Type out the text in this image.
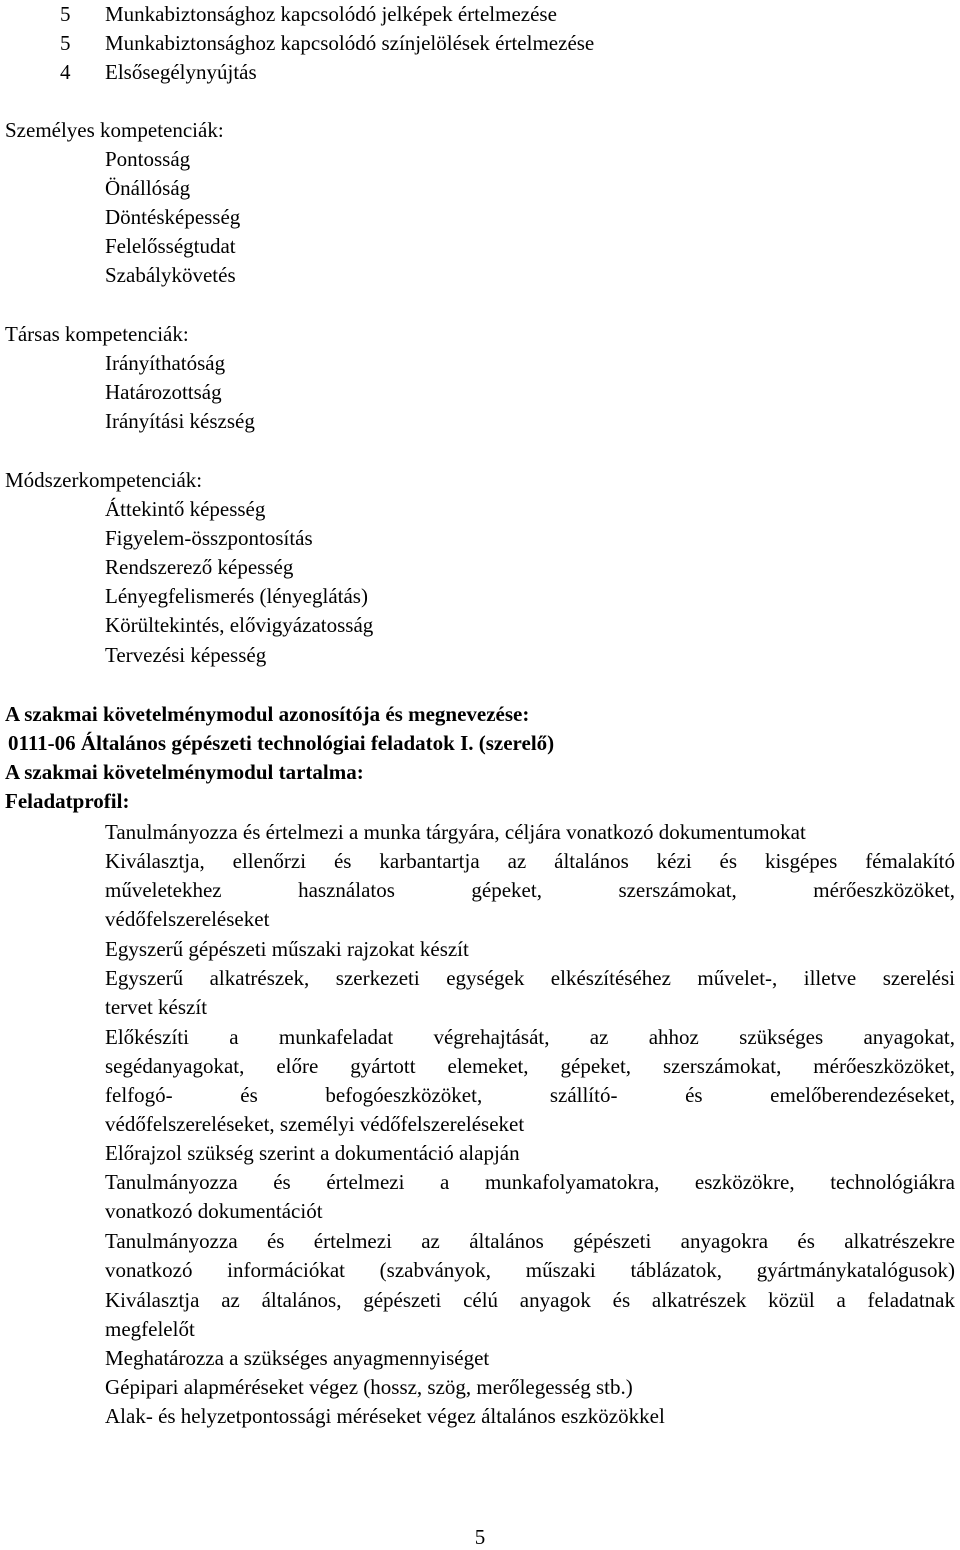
5	Munkabiztonsághoz kapcsolódó jelképek értelmezése
5	Munkabiztonsághoz kapcsolódó színjelölések értelmezése
4	Elsősegélynyújtás
Személyes kompetenciák:
Pontosság
Önállóság
Döntésképesség
Felelősségtudat
Szabálykövetés
Társas kompetenciák:
Irányíthatóság
Határozottság
Irányítási készség
Módszerkompetenciák:
Áttekintő képesség
Figyelem-összpontosítás
Rendszerező képesség
Lényegfelismerés (lényeglátás)
Körültekintés, elővigyázatosság
Tervezési képesség
A szakmai követelménymodul azonosítója és megnevezése:
0111-06 Általános gépészeti technológiai feladatok I. (szerelő)
A szakmai követelménymodul tartalma:
Feladatprofil:
Tanulmányozza és értelmezi a munka tárgyára, céljára vonatkozó dokumentumokat
Kiválasztja, ellenőrzi és karbantartja az általános kézi és kisgépes fémalakító
műveletekhez használatos gépeket, szerszámokat, mérőeszközöket,
védőfelszereléseket
Egyszerű gépészeti műszaki rajzokat készít
Egyszerű alkatrészek, szerkezeti egységek elkészítéséhez művelet-, illetve szerelési
tervet készít
Előkészíti a munkafeladat végrehajtását, az ahhoz szükséges anyagokat,
segédanyagokat, előre gyártott elemeket, gépeket, szerszámokat, mérőeszközöket,
felfogó- és befogóeszközöket, szállító- és emelőberendezéseket,
védőfelszereléseket, személyi védőfelszereléseket
Előrajzol szükség szerint a dokumentáció alapján
Tanulmányozza és értelmezi a munkafolyamatokra, eszközökre, technológiákra
vonatkozó dokumentációt
Tanulmányozza és értelmezi az általános gépészeti anyagokra és alkatrészekre
vonatkozó információkat (szabványok, műszaki táblázatok, gyártmánykatalógusok)
Kiválasztja az általános, gépészeti célú anyagok és alkatrészek közül a feladatnak
megfelelőt
Meghatározza a szükséges anyagmennyiséget
Gépipari alapméréseket végez (hossz, szög, merőlegesség stb.)
Alak- és helyzetpontossági méréseket végez általános eszközökkel
5
